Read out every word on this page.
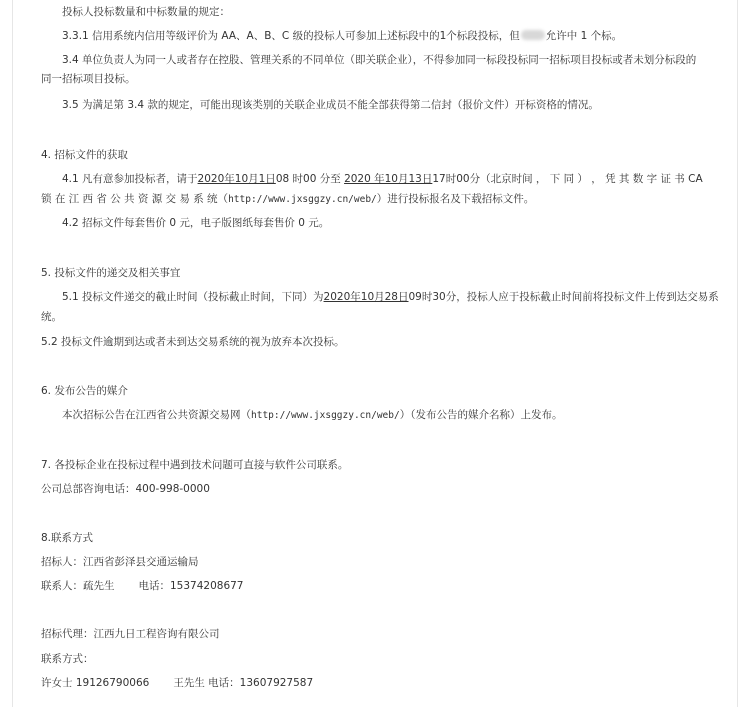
投标人投标数量和中标数量的规定：
3.3.1 信用系统内信用等级评价为 AA、A、B、C 级的投标人可参加上述标段中的1个标段投标，但 允许中 1 个标。
3.4 单位负责人为同一人或者存在控股、管理关系的不同单位（即关联企业），不得参加同一标段投标同一招标项目投标或者未划分标段的
同一招标项目投标。
3.5 为满足第 3.4 款的规定，可能出现该类别的关联企业成员不能全部获得第二信封（报价文件）开标资格的情况。
4. 招标文件的获取
4.1 凡有意参加投标者，请于2020年10月1日08 时00 分至 2020 年10月13日17时00分（北京时间 ， 下 同 ） ， 凭 其 数 字 证 书 CA
锁 在 江 西 省 公 共 资 源 交 易 系 统（http://www.jxsggzy.cn/web/）进行投标报名及下载招标文件。
4.2 招标文件每套售价 0 元，电子版图纸每套售价 0 元。
5. 投标文件的递交及相关事宜
5.1 投标文件递交的截止时间（投标截止时间，下同）为2020年10月28日09时30分，投标人应于投标截止时间前将投标文件上传到达交易系
统。
5.2 投标文件逾期到达或者未到达交易系统的视为放弃本次投标。
6. 发布公告的媒介
本次招标公告在江西省公共资源交易网（http://www.jxsggzy.cn/web/）（发布公告的媒介名称）上发布。
7. 各投标企业在投标过程中遇到技术问题可直接与软件公司联系。
公司总部咨询电话：400-998-0000
8.联系方式
招标人：江西省彭泽县交通运输局
联系人：疏先生 电话：15374208677
招标代理：江西九日工程咨询有限公司
联系方式：
许女士 19126790066 王先生 电话：13607927587
